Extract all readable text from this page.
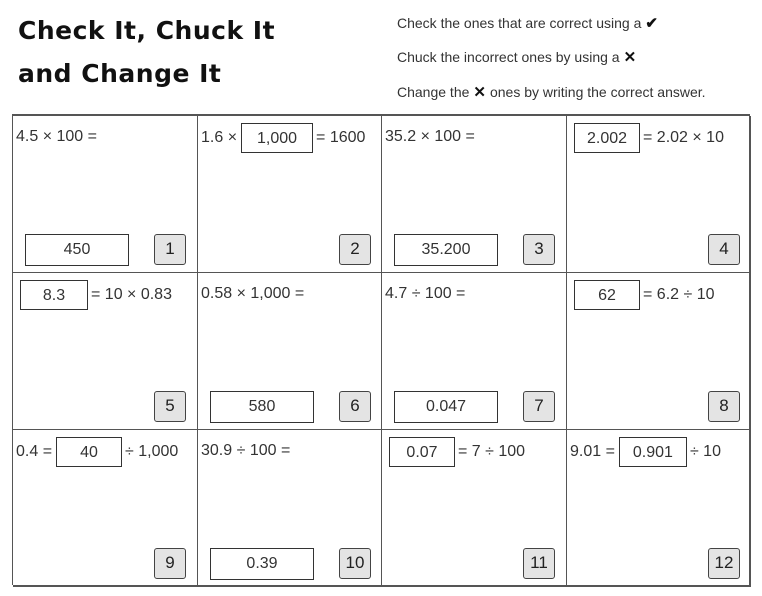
Check It, Chuck It
and Change It
Check the ones that are correct using a ✔
Chuck the incorrect ones by using a ✕
Change the ✕ ones by writing the correct answer.
4.5 × 100 =
450	1
1.6 ×	1,000	= 1600
2
35.2 × 100 =
35.200	3
2.002 = 2.02 × 10
4
8.3	= 10 × 0.83
5
0.58 × 1,000 =
580	6
4.7 ÷ 100 =
0.047	7
62	= 6.2 ÷ 10
8
0.4 =	40	÷ 1,000
9
30.9 ÷ 100 =
0.39	10
0.07	= 7 ÷ 100
11
9.01 =	0.901	÷ 10
12
